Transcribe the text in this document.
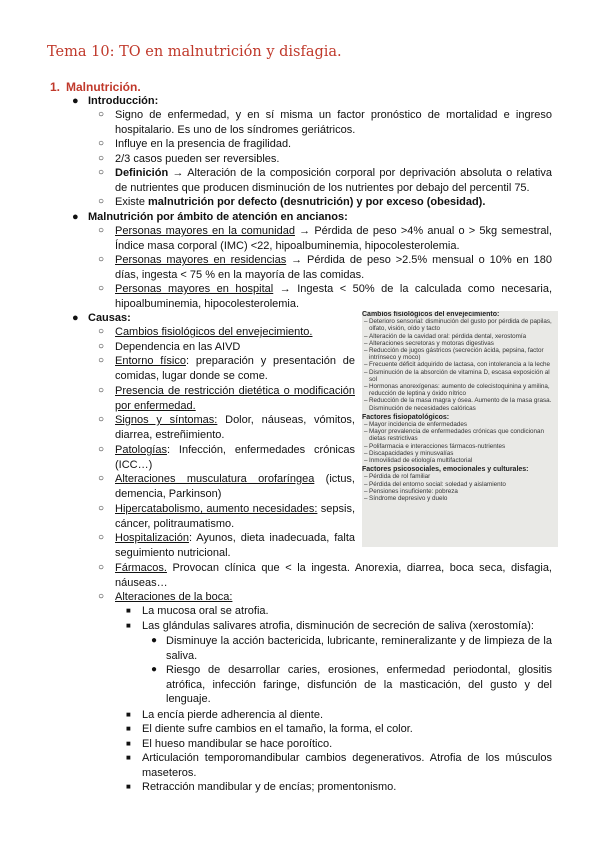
Tema 10: TO en malnutrición y disfagia.
1. Malnutrición.
● Introducción:
○ Signo de enfermedad, y en sí misma un factor pronóstico de mortalidad e ingreso hospitalario. Es uno de los síndromes geriátricos.
○ Influye en la presencia de fragilidad.
○ 2/3 casos pueden ser reversibles.
○ Definición → Alteración de la composición corporal por deprivación absoluta o relativa de nutrientes que producen disminución de los nutrientes por debajo del percentil 75.
○ Existe malnutrición por defecto (desnutrición) y por exceso (obesidad).
● Malnutrición por ámbito de atención en ancianos:
○ Personas mayores en la comunidad → Pérdida de peso >4% anual o > 5kg semestral, Índice masa corporal (IMC) <22, hipoalbuminemia, hipocolesterolemia.
○ Personas mayores en residencias → Pérdida de peso >2.5% mensual o 10% en 180 días, ingesta < 75 % en la mayoría de las comidas.
○ Personas mayores en hospital → Ingesta < 50% de la calculada como necesaria, hipoalbuminemia, hipocolesterolemia.
● Causas:
○ Cambios fisiológicos del envejecimiento.
○ Dependencia en las AIVD
○ Entorno físico: preparación y presentación de comidas, lugar donde se come.
○ Presencia de restricción dietética o modificación por enfermedad.
○ Signos y síntomas: Dolor, náuseas, vómitos, diarrea, estreñimiento.
○ Patologías: Infección, enfermedades crónicas (ICC…)
○ Alteraciones musculatura orofaríngea (ictus, demencia, Parkinson)
○ Hipercatabolismo, aumento necesidades: sepsis, cáncer, politraumatismo.
○ Hospitalización: Ayunos, dieta inadecuada, falta seguimiento nutricional.
○ Fármacos. Provocan clínica que < la ingesta. Anorexia, diarrea, boca seca, disfagia, náuseas…
○ Alteraciones de la boca:
■ La mucosa oral se atrofia.
■ Las glándulas salivares atrofia, disminución de secreción de saliva (xerostomía):
● Disminuye la acción bactericida, lubricante, remineralizante y de limpieza de la saliva.
● Riesgo de desarrollar caries, erosiones, enfermedad periodontal, glositis atrófica, infección faringe, disfunción de la masticación, del gusto y del lenguaje.
■ La encía pierde adherencia al diente.
■ El diente sufre cambios en el tamaño, la forma, el color.
■ El hueso mandibular se hace poroítico.
■ Articulación temporomandibular cambios degenerativos. Atrofia de los músculos maseteros.
■ Retracción mandibular y de encías; promentonismo.
Cambios fisiológicos del envejecimiento:
–Deterioro sensorial: disminución del gusto por pérdida de papilas, olfato, visión, oído y tacto
–Alteración de la cavidad oral: pérdida dental, xerostomía
–Alteraciones secretoras y motoras digestivas
–Reducción de jugos gástricos (secreción ácida, pepsina, factor intrínseco y moco)
–Frecuente déficit adquirido de lactasa, con intolerancia a la leche
–Disminución de la absorción de vitamina D, escasa exposición al sol
–Hormonas anorexígenas: aumento de colecistoquinina y amilina, reducción de leptina y óxido nítrico
–Reducción de la masa magra y ósea. Aumento de la masa grasa. Disminución de necesidades calóricas
Factores fisiopatológicos:
–Mayor incidencia de enfermedades
–Mayor prevalencia de enfermedades crónicas que condicionan dietas restrictivas
–Polifarmacia e interacciones fármacos-nutrientes
–Discapacidades y minusvalías
–Inmovilidad de etiología multifactorial
Factores psicosociales, emocionales y culturales:
–Pérdida de rol familiar
–Pérdida del entorno social: soledad y aislamiento
–Pensiones insuficiente: pobreza
–Síndrome depresivo y duelo
